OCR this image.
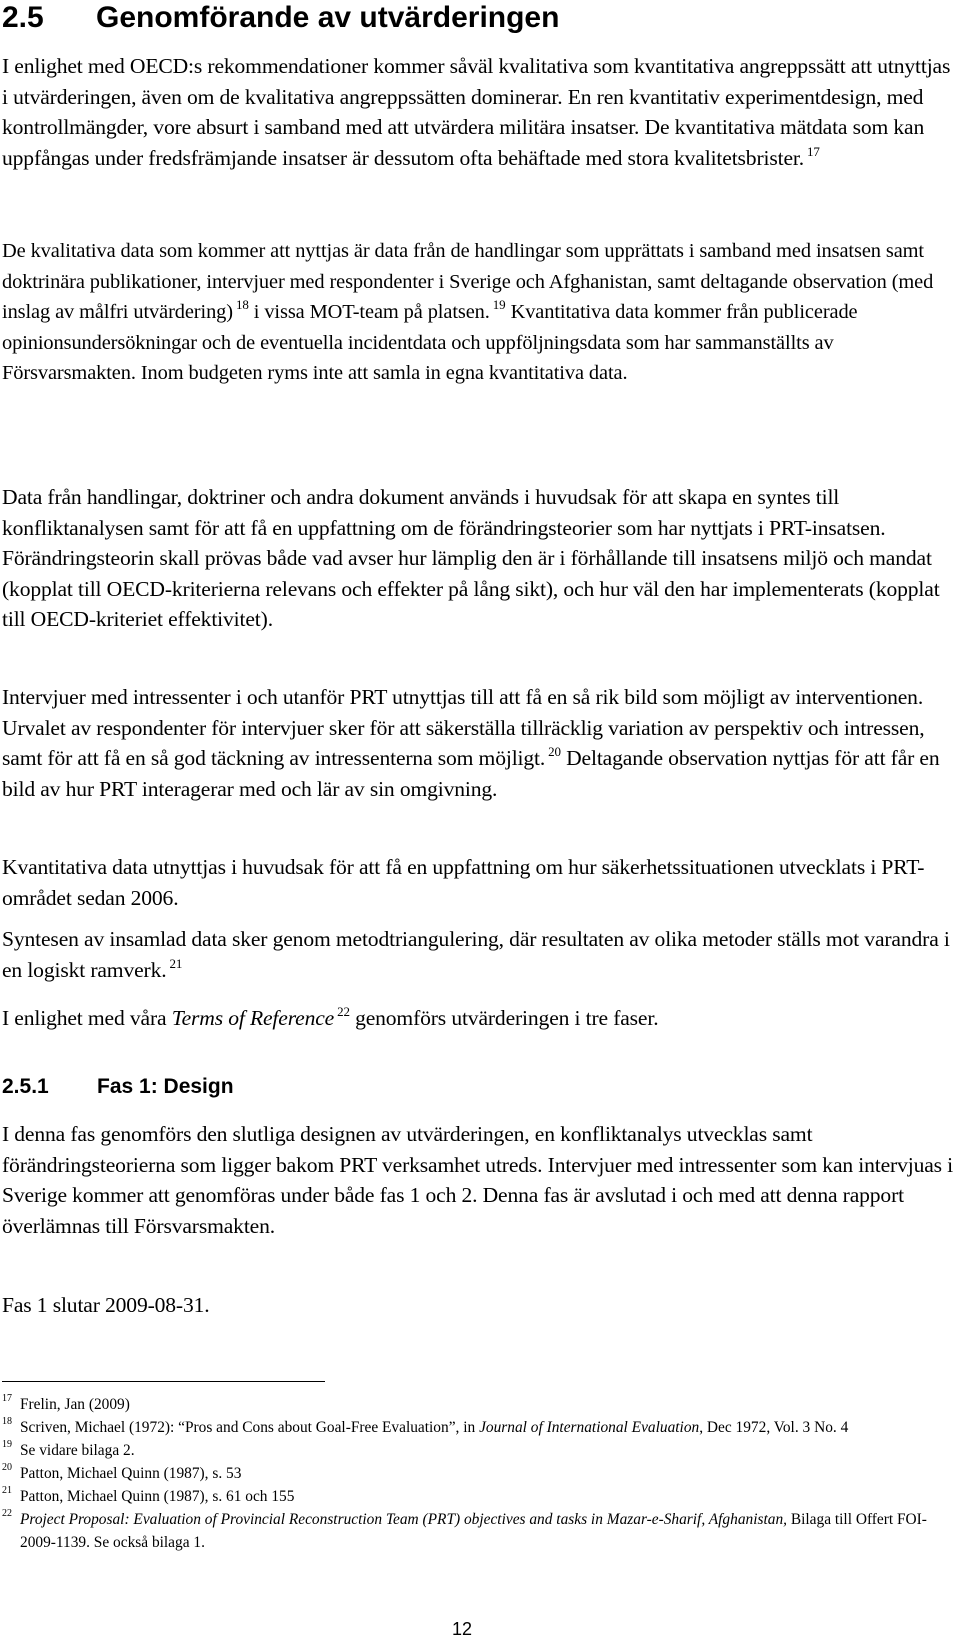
2.5 Genomförande av utvärderingen

I enlighet med OECD:s rekommendationer kommer såväl kvalitativa som kvantitativa angreppssätt att utnyttjas i utvärderingen, även om de kvalitativa angreppssätten dominerar. En ren kvantitativ experimentdesign, med kontrollmängder, vore absurt i samband med att utvärdera militära insatser. De kvantitativa mätdata som kan uppfångas under fredsfrämjande insatser är dessutom ofta behäftade med stora kvalitetsbrister. $^{17}$

De kvalitativa data som kommer att nyttjas är data från de handlingar som upprättats i samband med insatsen samt doktrinära publikationer, intervjuer med respondenter i Sverige och Afghanistan, samt deltagande observation (med inslag av målfri utvärdering) $^{18}$ i vissa MOT-team på platsen. $^{19}$ Kvantitativa data kommer från publicerade opinionsundersökningar och de eventuella incidentdata och uppföljningsdata som har sammanställts av Försvarsmakten. Inom budgeten ryms inte att samla in egna kvantitativa data.

Data från handlingar, doktriner och andra dokument används i huvudsak för att skapa en syntes till konfliktanalysen samt för att få en uppfattning om de förändringsteorier som har nyttjats i PRT-insatsen. Förändringsteorin skall prövas både vad avser hur lämplig den är i förhållande till insatsens miljö och mandat (kopplat till OECD-kriterierna relevans och effekter på lång sikt), och hur väl den har implementerats (kopplat till OECD-kriteriet effektivitet).

Intervjuer med intressenter i och utanför PRT utnyttjas till att få en så rik bild som möjligt av interventionen. Urvalet av respondenter för intervjuer sker för att säkerställa tillräcklig variation av perspektiv och intressen, samt för att få en så god täckning av intressenterna som möjligt. $^{20}$ Deltagande observation nyttjas för att får en bild av hur PRT interagerar med och lär av sin omgivning.

Kvantitativa data utnyttjas i huvudsak för att få en uppfattning om hur säkerhetssituationen utvecklats i PRT-området sedan 2006.

Syntesen av insamlad data sker genom metodtriangulering, där resultaten av olika metoder ställs mot varandra i en logiskt ramverk. $^{21}$

I enlighet med våra Terms of Reference $^{22}$ genomförs utvärderingen i tre faser.

2.5.1 Fas 1: Design

I denna fas genomförs den slutliga designen av utvärderingen, en konfliktanalys utvecklas samt förändringsteorierna som ligger bakom PRT verksamhet utreds. Intervjuer med intressenter som kan intervjuas i Sverige kommer att genomföras under både fas 1 och 2. Denna fas är avslutad i och med att denna rapport överlämnas till Försvarsmakten.

Fas 1 slutar 2009-08-31.

17 Frelin, Jan (2009)

18 Scriven, Michael (1972): “Pros and Cons about Goal-Free Evaluation”, in Journal of International Evaluation, Dec 1972, Vol. 3 No. 4

19 Se vidare bilaga 2.

20 Patton, Michael Quinn (1987), s. 53

21 Patton, Michael Quinn (1987), s. 61 och 155

22 Project Proposal: Evaluation of Provincial Reconstruction Team (PRT) objectives and tasks in Mazar-e-Sharif, Afghanistan, Bilaga till Offert FOI-2009-1139. Se också bilaga 1.

12
